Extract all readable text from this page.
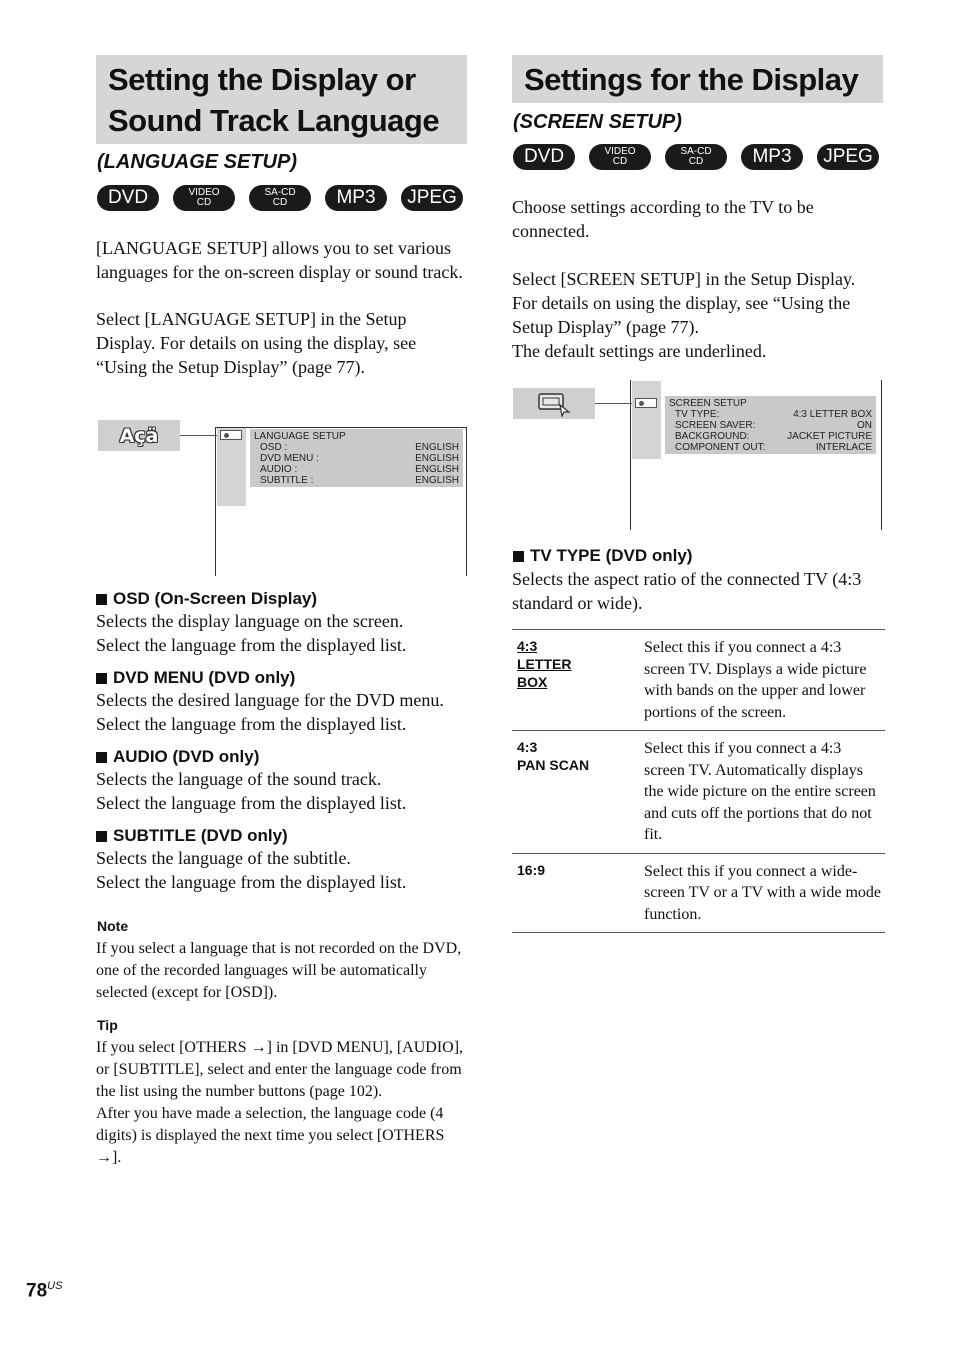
Setting the Display or
Sound Track Language
(LANGUAGE SETUP)
DVD	VIDEO
CD
SA-CD
CD	MP3 JPEG

[LANGUAGE SETUP] allows you to set various languages for the on-screen display or sound track.

Select [LANGUAGE SETUP] in the Setup Display. For details on using the display, see “Using the Setup Display” (page 77).

Açä	LANGUAGE SETUP
OSD :	ENGLISH
DVD MENU :	ENGLISH
AUDIO :	ENGLISH
SUBTITLE :	ENGLISH
OSD (On-Screen Display)

Selects the display language on the screen.

Select the language from the displayed list.

DVD MENU (DVD only)

Selects the desired language for the DVD menu.

Select the language from the displayed list.

AUDIO (DVD only)

Selects the language of the sound track.

Select the language from the displayed list.

SUBTITLE (DVD only)

Selects the language of the subtitle.

Select the language from the displayed list.

Note

If you select a language that is not recorded on the DVD, one of the recorded languages will be automatically selected (except for [OSD]).

Tip

If you select [OTHERS →] in [DVD MENU], [AUDIO], or [SUBTITLE], select and enter the language code from the list using the number buttons (page 102).

After you have made a selection, the language code (4 digits) is displayed the next time you select [OTHERS →].

$78^{US}$
Settings for the Display
(SCREEN SETUP)
DVD	VIDEO
CD
SA-CD
CD	MP3 JPEG

Choose settings according to the TV to be connected.

Select [SCREEN SETUP] in the Setup Display. For details on using the display, see “Using the Setup Display” (page 77).

The default settings are underlined.

SCREEN SETUP
TV TYPE:	4:3 LETTER BOX
SCREEN SAVER:	ON
BACKGROUND:	JACKET PICTURE
COMPONENT OUT:	INTERLACE
TV TYPE (DVD only)
Selects the aspect ratio of the connected TV (4:3 standard or wide).
4:3
LETTER
BOX	Select this if you connect a 4:3 screen TV. Displays a wide picture with bands on the upper and lower portions of the screen.

4:3
PAN SCAN	Select this if you connect a 4:3 screen TV. Automatically displays the wide picture on the entire screen and cuts off the portions that do not fit.

16:9	Select this if you connect a wide-screen TV or a TV with a wide mode function.
